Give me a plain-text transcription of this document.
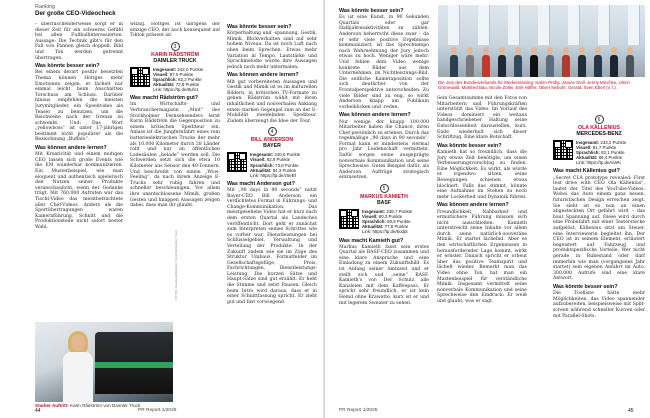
Ranking
Der große CEO-Videocheck

– überraschenderweise sorgt er in dieser Zeit für ein schweres Gefühl bei allen Fußballinteressierten. Aussage: Die Technik gibt's für den Fall von Pannen gleich doppelt. Bild und Ton werden getrennt übertragen.

Was könnte besser sein?

Bei einem derart positiv besetzten Thema können Höttges mehr Emotionen zeigen, er lächelt nur einmal leicht beim Anschnitten Torschuss am Schluss. Darüber hinaus empfehlen die meisten Jurymitglieder, ein Speedvideo als Teaser zu benutzen, um die Reichweite nach der Grenze zu schwenkt. Und: Das Wort „yellowboss“ ist unter 17-jährigen bestimmt nicht populärer als die Bezeichnung „Buffalo“.

Was können andere lernen?

Mit Kreativität und einem mutigen CEO lassen sich große Events wie die EM wunderbar kommunizieren. Ein Musterbeispiel, wie man eloquent und authentisch spielerisch den Nutzen seiner Produkte veranschaulicht, wenn der Gedanke trägt. Mit 760.000 Aufrufen war das Tischt-Video das meistbetrachtete aller Chef-Videos. Anders als die Sportübertragungen waren Kameraführung, Schnitt und die Produktionsteile nicht sofort bester Wahl.

witzig. Höttges ist übrigens der einzige CEO, der auch konsequent auf Tiktok präsent ist.

3
KARIN RÅDSTRÖM
DAIMLER TRUCK
Insgesamt: 242,0 Punkte
Visuell: 87,0 Punkte
Sprachlich: 82,2 Punkte
Aktualität: 72,8 Punkte
Link: https://tp.de/8ufv1
Was macht Rådström gut?

Im Wirtschafts- und Verbrauchermagazin „Mint“ des Stockholmer Fernsehsenders lernt Karin Rådström die Gegenposition zu einem kritischen Spediteur ein. Anlass ist die Jungfernfahrt eines rein batterieelektrischen Trucks der mehr als 10.000 Kilometer durch 28 Länder rollt und nur an öffentlichen Ladesäulen „belade“ werden soll. Die Schwerden setzt sich die etwa 10 Kilometer aus Sensor den 40-Tonnern. Und beschreibt von einem „Wow-Feeling“, da nach ihrem Anzeige E-Trucks sehr ruhig fahren und schneller beschleunigen. Vor allem ihre unentschlossene Mimik, großen Gesten und knappen Aussagen zeigen dabei, dass man ihr glaubt.

Was könnte besser sein?

Körperhaltung und -spannung, Gestik, Mimik, Blickverhalten sind auf sehr hohem Niveau. Da ist noch Luft nach oben beim Sprechen. Etwas mehr Variation in Tempo, Lautstärke und Sprachmelodie würde ihre Aussagen jedoch noch mehr untermalen.

Was können andere lernen?

Mit gut vorbereiteten Aussagen und Gestik und Mimik ist es im kulturellen Bildern, in kritischen TV-Formate zu gehen. Rådström wählt mit ihren inhaltlichen und nonverbalen Anklang einen starken Gegenpol zum an der E-Mobilität zweifelnden Spediteur. Zudem überzeugt die Idee der Tour.

4
BILL ANDERSON
BAYER
Insgesamt: 240,6 Punkte
Visuell: 82,6 Punkte
Sprachlich: 73,8 Punkte
Aktualität: 84,3 Punkte
Link: https://tp.de/z5eBf
Was macht Anderson gut?

Mit „90 days in 90 seconds“ nutzt Bayer-CEO Bill Anderson ein verdichtetes Format in Führungs- und Change-Kommunikation. Das meistgesehene Video hat er kurz nach dem ersten Quartal als Landeches veröffentlicht. Dort geht er zunächst zum Interpreten seines Schrittes wie es vorher war, Dienstleistungen bei Schlüsselgebiet, Verwaltung und Verteilung der Produkte. In der Zukunft zudem wie sie im Zuge des Struktur Umbaus. Formatfelder im Gesellschaftsgefüge, Preis, Fachrichtungen, Dienstleistungs-Leistung. Die kurzen Sätze und Haupt-Sätze sind gut erzählt. Er hebt die Stimme und setzt Pausen. Gleich beim Intro wird daraus, dass er in einer Schnittfassung spricht. Er zieht gut und fast vorwiegend.

FOTOS: Fotodienst/Daimler Truck AG/Daimler Truck
Starker Auftritt: Karin Rådström von Daimler Truck.
44	PR Report 1/2025
Was könnte besser sein?

Es ist eine Kunst, in 90 Sekunden Quartals oder gar Halbjahresaktivitäten zu zählen. Anderson beherrscht diese zwar – da er sehr viele positive Ergebnisse kommuniziert, ist das Sprechtempo nach Wahrnehmung der Jury jedoch etwas zu hoch. Weniger wäre mehr: Und fehlen dem Video wenige konkrete Bilder aus dem Unternehmen, im Nichtleistungs-Bild. Die seitliche Kameraposition sollte sich deutlicher von der Frontalperspektive unterscheiden. Zu viele Bilder sind zu eng, so wirkt Anderson knapp am Publikum vorbeiblicken und -reden.

Was können andere lernen?

Nur wenige der knapp 100.000 Mitarbeiter haben die Chance, ihren Chef persönlich zu erleben. Durch das regelmäßige „90 days in 90 seconds“-Format kann er mindestens viermal pro Jahr Leidenschaft vermitteln. Dafür sorgen seine ausgeprägte nonverbale Kommunikation und seine Sprechweise. Gutes Beispiel dafür, als Anderson Aufträge strategisch einzusetzen.

5
MARKUS KAMIETH
BASF
Insgesamt: 238,7 Punkte
Visuell: 80,3 Punkte
Sprachlich: 80,6 Punkte
Aktualität: 77,8 Punkte
Link: https://tp.de/8odpt
Was macht Kamieth gut?

Markus Kamieth fasst sein erstes Quartal als BASF-CEO zusammen und eine klare Ansprache und eine Einladung zu einem Zukunftsbild. Es ist Anfang seiner Amtszeit und er stellt sich und „seine“ BASF, Kamieth's vor: Der Schutz alle Kanzleien mit dem Kaffeepass. Er spricht sehr freundlich, er ist kein Hemd ohne Krawatte, kurz ist er und mit legerem Sweater zu sehen.

Sein Gesamtsumme mit den Fotos von Mitarbeitern und Führungskräften unterstützt das Video. Im Vorlauf des Videos dominiert ein weitaus handgeschriebener Haltung seine Entschlossenheit darzustellen, kurz. Ende wiederholt sich dieser Schriftzug. Eine klare Botschaft.

Was könnte besser sein?

Kamieth hat so freundlich, dass die Jury etwas Zeit benötigte, um einen Verbesserungsvorschlag zu finden. Eine Möglichkeit: Es wirkt, als würde er irgendwo sitzen, seine Bewegungen schienen etwas blockiert. Falls das stimmt, könnte eine Aufnahme im Stehen zu noch mehr Lockerheit und Dynamik führen.

Was können andere lernen?

Freundlichkeit, Nahbarkeit und ermutlichere Führung müssen sich nicht ausschließen. Kamieth unterstreicht seine Inhalte vor allem durch seine natürlich-souveräne Mimik. Er startet lächelnd. Aber es den wirtschaftlichen Ergebnissen in herausfordernder Lage kommt, wirkt er ernster. Danach spricht er orbeut über das positive Teamspirit und lächelt wieder. Bemerkt man das Video ohne Ton, hat man ein Mastenbeispiel für verständliche Mimik. Insgesamt vermittelt seine nonverbale Kommunikation und seine Sprechweise den Eindruck: Er weiß und glaubt, was er sagt.

Die Jury des Bundesverbands für Medientraining: Katrin Prüfig, Janine Stoll, Jenny Mischke, Ulrich Grünewald, Manfred Bau, Nicole Zöller, Erik Häffer, Oliver Nebuhr, Gerald, Sven Eberl (v. l.).
6
OLA KÄLLENIUS
MERCEDES-BENZ
Insgesamt: 233,2 Punkte
Visuell: 81,7 Punkte
Sprachlich: 82,1 Punkte
Aktualität: 69,4 Punkte
Link: https://tp.de/s/aRi
Was macht Källenius gut?

„Secret CLA prototype revealed: First test drive with CEO Ola Källenius“, lautet der Titel des YouTube-Videos. Wobei das Auto einem ganz neuen, futuristischen Design erreichen zeigt. Sie sieht ist es nun an einen abgesteckten Ort gefahrt wird – das baut Spannung auf. Diese wird durch eine Probefahrt mit einer Testerstecke aufgelöst. Källenius sitzt am Steuer, eine Interviewerin begleitet ihn. Der CEO ist in seinem Element, erläutert begeistert auf Fahrzeug und produktspezifische Vorteile. Wer nicht gerade in Ruhestand oder darf immerhin wie man (vorgangenes Jahr startet) sein eigenen Anfahrt im Auto. 300.000 Aufrufe sind eine klare Antwort.

Was könnte besser sein?

Die Toolliste hätte mehr Möglichkeiten, das Video spannender aufzubereiten, beispielsweise mit Split-screen während schneller Kurven oder mit Parallel-Shots.

PR Report 1/2025	45
